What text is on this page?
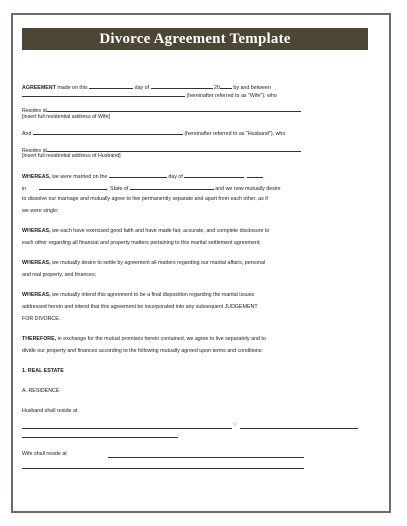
Divorce Agreement Template
AGREEMENT made on this	day of	20	by and between
(hereinafter referred to as "Wife"), who
Resides at
[insert full residential address of Wife]
And	(hereinafter referred to as "Husband"), who
Resides at
[insert full residential address of Husband]
WHEREAS, we were married on the	day of	,	.
in	, State of	and we now mutually desire
to dissolve our marriage and mutually agree to live permanently separate and apart from each other, as if
we were single;
WHEREAS, we each have exercised good faith and have made fair, accurate, and complete disclosure to
each other regarding all financial and property matters pertaining to this marital settlement agreement;
WHEREAS, we mutually desire to settle by agreement all matters regarding our marital affairs, personal
and real property, and finances;
WHEREAS, we mutually intend this agreement to be a final disposition regarding the marital issues
addressed herein and intend that this agreement be incorporated into any subsequent JUDGEMENT
FOR DIVORCE.
THEREFORE, in exchange for the mutual promises herein contained, we agree to live separately and to
divide our property and finances according to the following mutually agreed upon terms and conditions:
1. REAL ESTATE
A. RESIDENCE
Husband shall reside at
~/
.
Wife shall reside at
